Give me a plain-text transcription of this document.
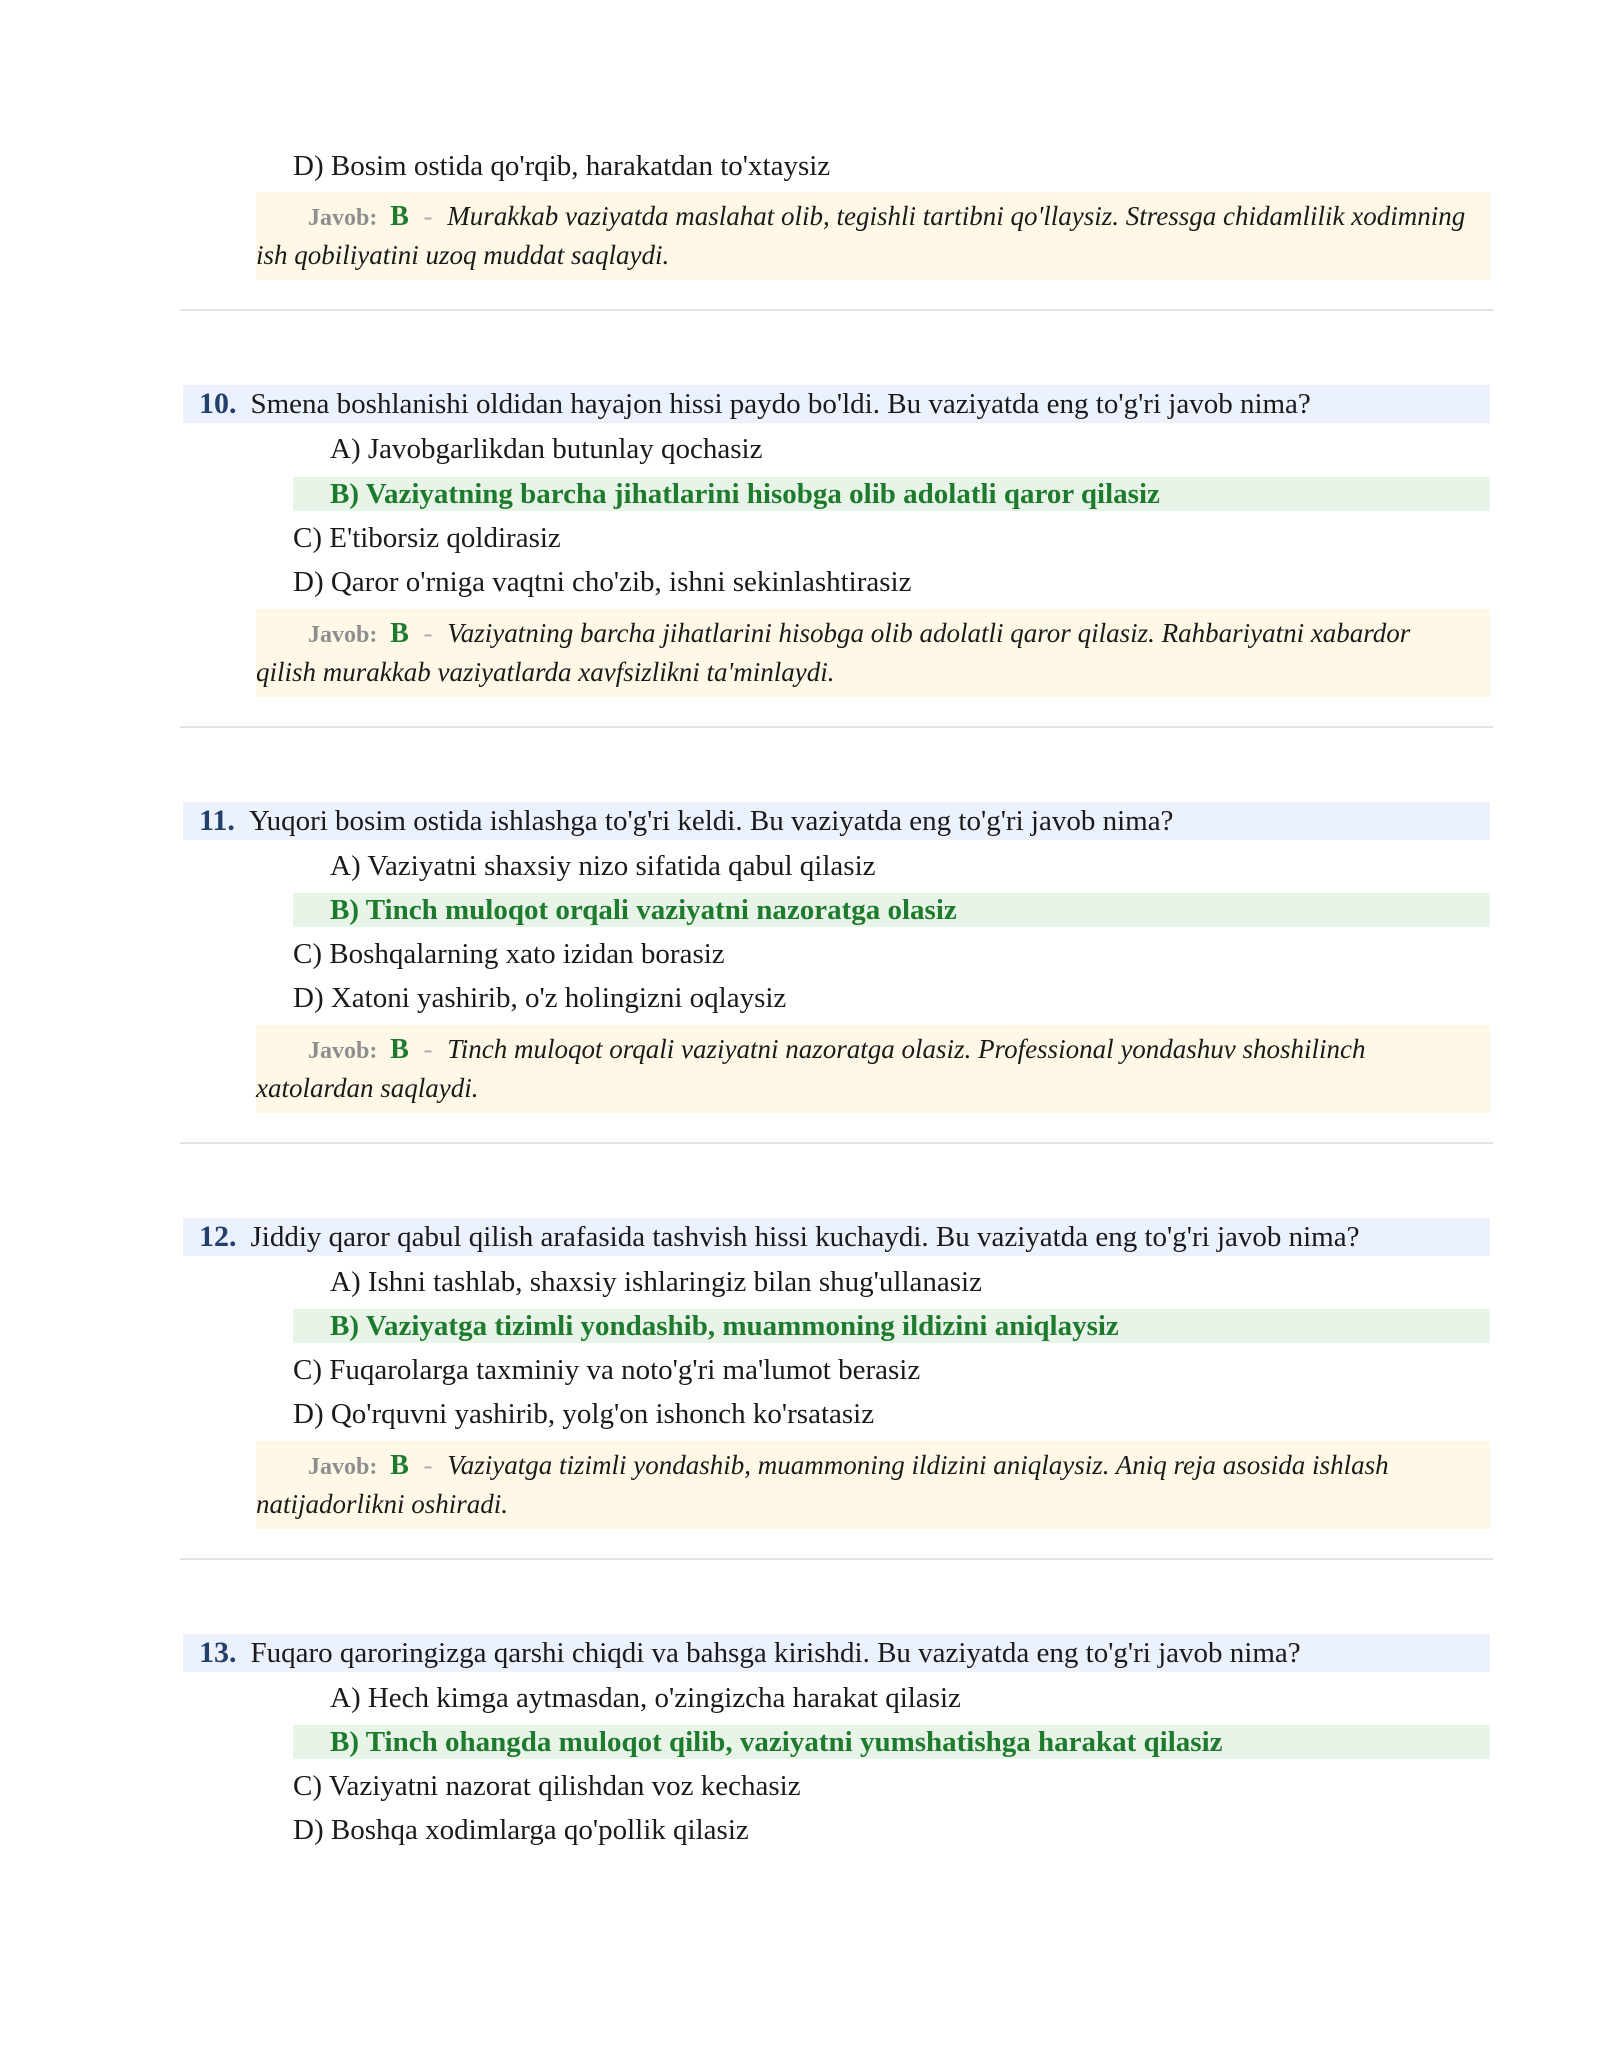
D) Bosim ostida qo'rqib, harakatdan to'xtaysiz
Javob: B - Murakkab vaziyatda maslahat olib, tegishli tartibni qo'llaysiz. Stressga chidamlilik xodimning ish qobiliyatini uzoq muddat saqlaydi.
10. Smena boshlanishi oldidan hayajon hissi paydo bo'ldi. Bu vaziyatda eng to'g'ri javob nima?
A) Javobgarlikdan butunlay qochasiz
B) Vaziyatning barcha jihatlarini hisobga olib adolatli qaror qilasiz
C) E'tiborsiz qoldirasiz
D) Qaror o'rniga vaqtni cho'zib, ishni sekinlashtirasiz
Javob: B - Vaziyatning barcha jihatlarini hisobga olib adolatli qaror qilasiz. Rahbariyatni xabardor qilish murakkab vaziyatlarda xavfsizlikni ta'minlaydi.
11. Yuqori bosim ostida ishlashga to'g'ri keldi. Bu vaziyatda eng to'g'ri javob nima?
A) Vaziyatni shaxsiy nizo sifatida qabul qilasiz
B) Tinch muloqot orqali vaziyatni nazoratga olasiz
C) Boshqalarning xato izidan borasiz
D) Xatoni yashirib, o'z holingizni oqlaysiz
Javob: B - Tinch muloqot orqali vaziyatni nazoratga olasiz. Professional yondashuv shoshilinch xatolardan saqlaydi.
12. Jiddiy qaror qabul qilish arafasida tashvish hissi kuchaydi. Bu vaziyatda eng to'g'ri javob nima?
A) Ishni tashlab, shaxsiy ishlaringiz bilan shug'ullanasiz
B) Vaziyatga tizimli yondashib, muammoning ildizini aniqlaysiz
C) Fuqarolarga taxminiy va noto'g'ri ma'lumot berasiz
D) Qo'rquvni yashirib, yolg'on ishonch ko'rsatasiz
Javob: B - Vaziyatga tizimli yondashib, muammoning ildizini aniqlaysiz. Aniq reja asosida ishlash natijadorlikni oshiradi.
13. Fuqaro qaroringizga qarshi chiqdi va bahsga kirishdi. Bu vaziyatda eng to'g'ri javob nima?
A) Hech kimga aytmasdan, o'zingizcha harakat qilasiz
B) Tinch ohangda muloqot qilib, vaziyatni yumshatishga harakat qilasiz
C) Vaziyatni nazorat qilishdan voz kechasiz
D) Boshqa xodimlarga qo'pollik qilasiz
